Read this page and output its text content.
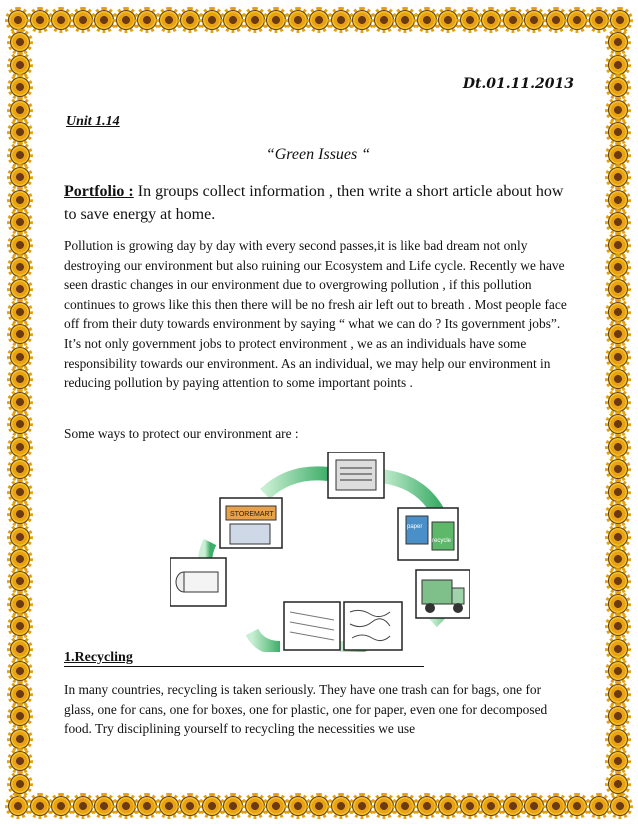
Dt.01.11.2013
Unit 1.14
“Green Issues “
Portfolio : In groups collect information , then write a short article about how to save energy at home.
Pollution is growing day by day with every second passes,it is like bad dream not only destroying our environment but also ruining our Ecosystem and Life cycle. Recently we have seen drastic changes in our environment due to overgrowing pollution , if this pollution continues to grows like this then there will be no fresh air left out to breath . Most people face off from their duty towards environment by saying “ what we can do ? Its government jobs”.
It’s not only government jobs to protect environment , we as an individuals have some responsibility towards our environment. As an individual, we may help our environment in reducing pollution by paying attention to some important points .
Some ways to protect our environment are :
STOREMART
paper
recycle
1.Recycling
In many countries, recycling is taken seriously. They have one trash can for bags, one for glass, one for cans, one for boxes, one for plastic, one for paper, even one for decomposed food. Try disciplining yourself to recycling the necessities we use
